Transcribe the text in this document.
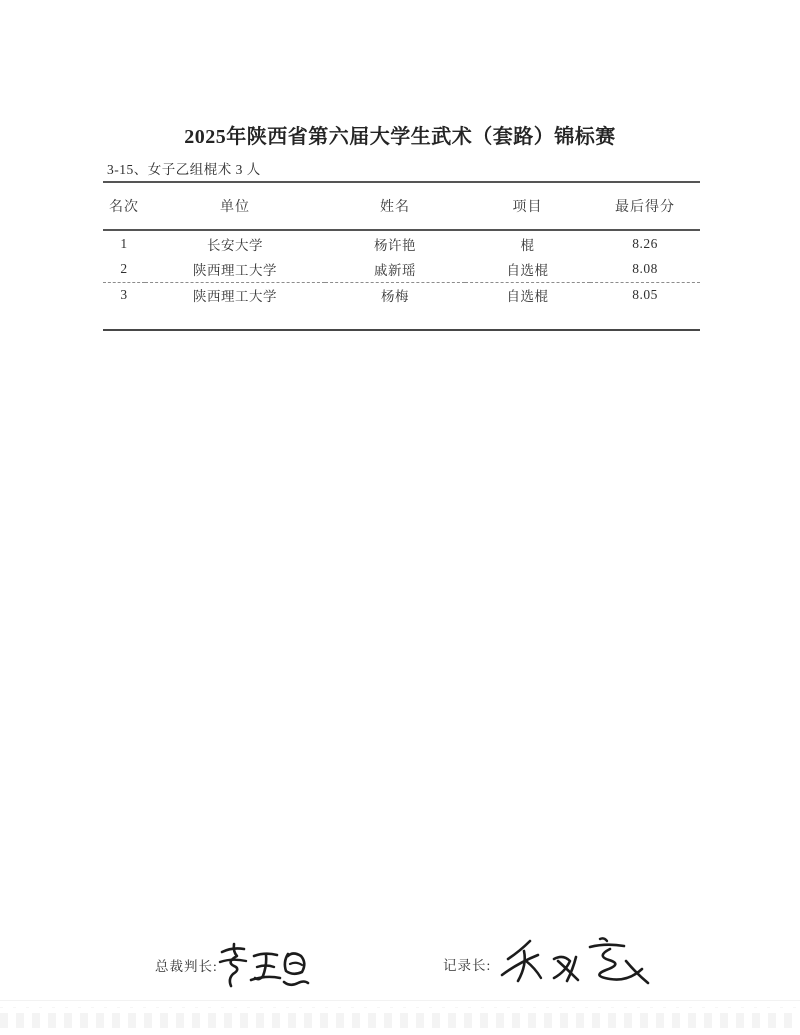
2025年陕西省第六届大学生武术（套路）锦标赛
3-15、女子乙组棍术 3 人
名次	单位	姓名	项目	最后得分
1	长安大学	杨许艳	棍	8.26
2	陕西理工大学	戚新瑶	自选棍	8.08
3	陕西理工大学	杨梅	自选棍	8.05

总裁判长:	记录长:
